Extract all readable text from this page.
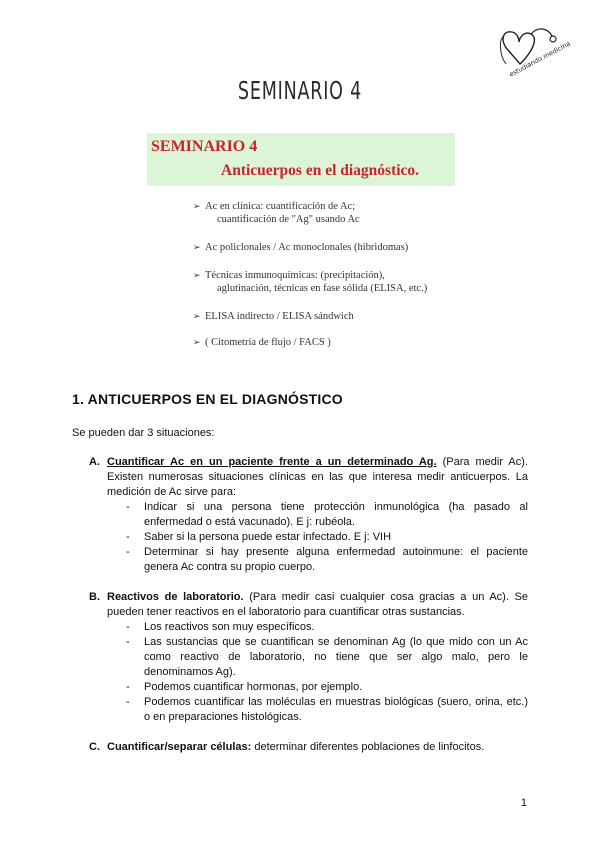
estudiando medicina
SEMINARIO 4
SEMINARIO 4
Anticuerpos en el diagnóstico.
➢ Ac en clínica: cuantificación de Ac;
cuantificación de "Ag" usando Ac
➢ Ac policlonales / Ac monoclonales (hibridomas)
➢ Técnicas inmunoquímicas: (precipitación),
aglutinación, técnicas en fase sólida (ELISA, etc.)
➢ ELISA indirecto / ELISA sándwich
➢ ( Citometría de flujo / FACS )
1. ANTICUERPOS EN EL DIAGNÓSTICO
Se pueden dar 3 situaciones:
A. Cuantificar Ac en un paciente frente a un determinado Ag. (Para medir Ac). Existen numerosas situaciones clínicas en las que interesa medir anticuerpos. La medición de Ac sirve para:
- Indicar si una persona tiene protección inmunológica (ha pasado al enfermedad o está vacunado). E j: rubéola.
- Saber si la persona puede estar infectado. E j: VIH
- Determinar si hay presente alguna enfermedad autoinmune: el paciente genera Ac contra su propio cuerpo.
B. Reactivos de laboratorio. (Para medir casi cualquier cosa gracias a un Ac). Se pueden tener reactivos en el laboratorio para cuantificar otras sustancias.
- Los reactivos son muy específicos.
- Las sustancias que se cuantifican se denominan Ag (lo que mido con un Ac como reactivo de laboratorio, no tiene que ser algo malo, pero le denominamos Ag).
- Podemos cuantificar hormonas, por ejemplo.
- Podemos cuantificar las moléculas en muestras biológicas (suero, orina, etc.) o en preparaciones histológicas.
C. Cuantificar/separar células: determinar diferentes poblaciones de linfocitos.
1
